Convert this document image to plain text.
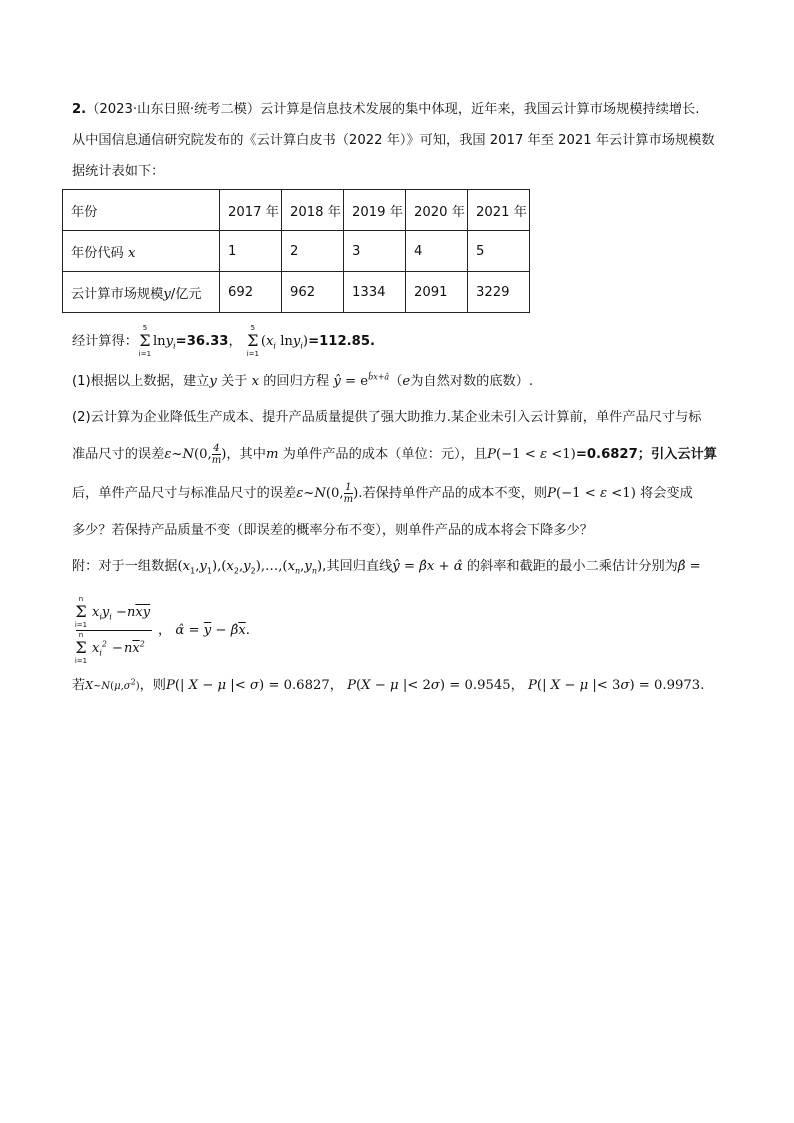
2.（2023·山东日照·统考二模）云计算是信息技术发展的集中体现，近年来，我国云计算市场规模持续增长.
从中国信息通信研究院发布的《云计算白皮书（2022 年）》可知，我国 2017 年至 2021 年云计算市场规模数
据统计表如下：
年份	2017 年	2018 年	2019 年	2020 年	2021 年
年份代码 x	1	2	3	4	5
云计算市场规模y/亿元	692	962	1334	2091	3229
经计算得：
5
Σ
i=1
lny$_i$=36.33，
5
Σ
i=1
($x_i$ lny$_i$)=112.85.
(1)根据以上数据，建立y 关于 x 的回归方程 ŷ = $e^{b̂x+â}(e$为自然对数的底数）.
(2)云计算为企业降低生产成本、提升产品质量提供了强大助推力.某企业未引入云计算前，单件产品尺寸与标
准品尺寸的误差ε~N(0, $\frac{4}{m}$ )，其中m 为单件产品的成本（单位：元），且P(−1 < ε <1)=0.6827；引入云计算
后，单件产品尺寸与标准品尺寸的误差ε~N(0, $\frac{1}{m}$ ).若保持单件产品的成本不变，则P(−1 < ε <1) 将会变成
多少？若保持产品质量不变（即误差的概率分布不变），则单件产品的成本将会下降多少？
附：对于一组数据$(x_1,y_1),(x_2,y_2),\dots,(x_n,y_n)$,其回归直线ŷ = β̂x + α̂ 的斜率和截距的最小二乘估计分别为β̂ =
n
Σ
i=1
$x_iy_i - n\overline{x}\overline{y}$
n
Σ
i=1
$x_i^2 - n\overline{x}^2$
， α̂ = $\overline{y}$ − $\betâ\overline{x}$.
若$X\sim N(\mu,\sigma^2)$，则P(| X − μ |< σ) = 0.6827， P(X − μ |< 2σ) = 0.9545， P(| X − μ |< 3σ) = 0.9973.
